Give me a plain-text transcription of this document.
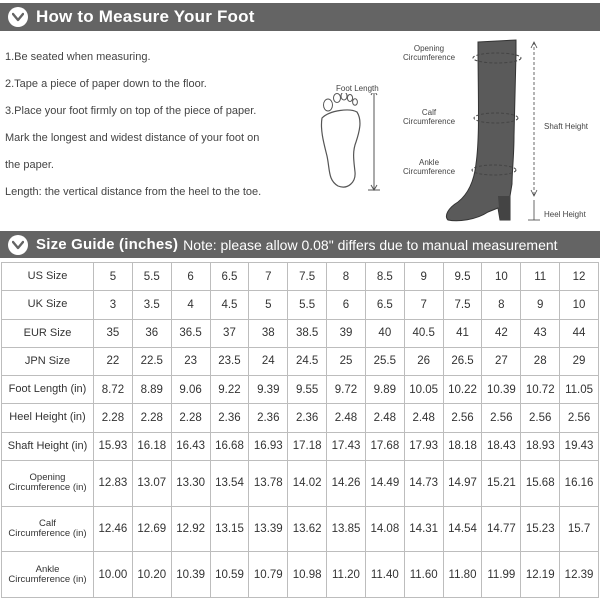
How to Measure Your Foot

1.Be seated when measuring.

2.Tape a piece of paper down to the floor.

3.Place your foot firmly on top of the piece of paper.

Mark the longest and widest distance of your foot on

the paper.

Length: the vertical distance from the heel to the toe.

Foot Length
Opening
Circumference
Calf
Circumference
Ankle
Circumference
Shaft Height
Heel Height
Size Guide (inches) Note: please allow 0.08" differs due to manual measurement
US Size	5	5.5	6	6.5	7	7.5	8	8.5	9	9.5	10	11	12
UK Size	3	3.5	4	4.5	5	5.5	6	6.5	7	7.5	8	9	10
EUR Size	35	36	36.5	37	38	38.5	39	40	40.5	41	42	43	44
JPN Size	22	22.5	23	23.5	24	24.5	25	25.5	26	26.5	27	28	29
Foot Length (in)	8.72	8.89	9.06	9.22	9.39	9.55	9.72	9.89	10.05	10.22	10.39	10.72	11.05
Heel Height (in)	2.28	2.28	2.28	2.36	2.36	2.36	2.48	2.48	2.48	2.56	2.56	2.56	2.56
Shaft Height (in)	15.93	16.18	16.43	16.68	16.93	17.18	17.43	17.68	17.93	18.18	18.43	18.93	19.43
Opening
Circumference (in)	12.83	13.07	13.30	13.54	13.78	14.02	14.26	14.49	14.73	14.97	15.21	15.68	16.16
Calf
Circumference (in)	12.46	12.69	12.92	13.15	13.39	13.62	13.85	14.08	14.31	14.54	14.77	15.23	15.7
Ankle
Circumference (in)	10.00	10.20	10.39	10.59	10.79	10.98	11.20	11.40	11.60	11.80	11.99	12.19	12.39
